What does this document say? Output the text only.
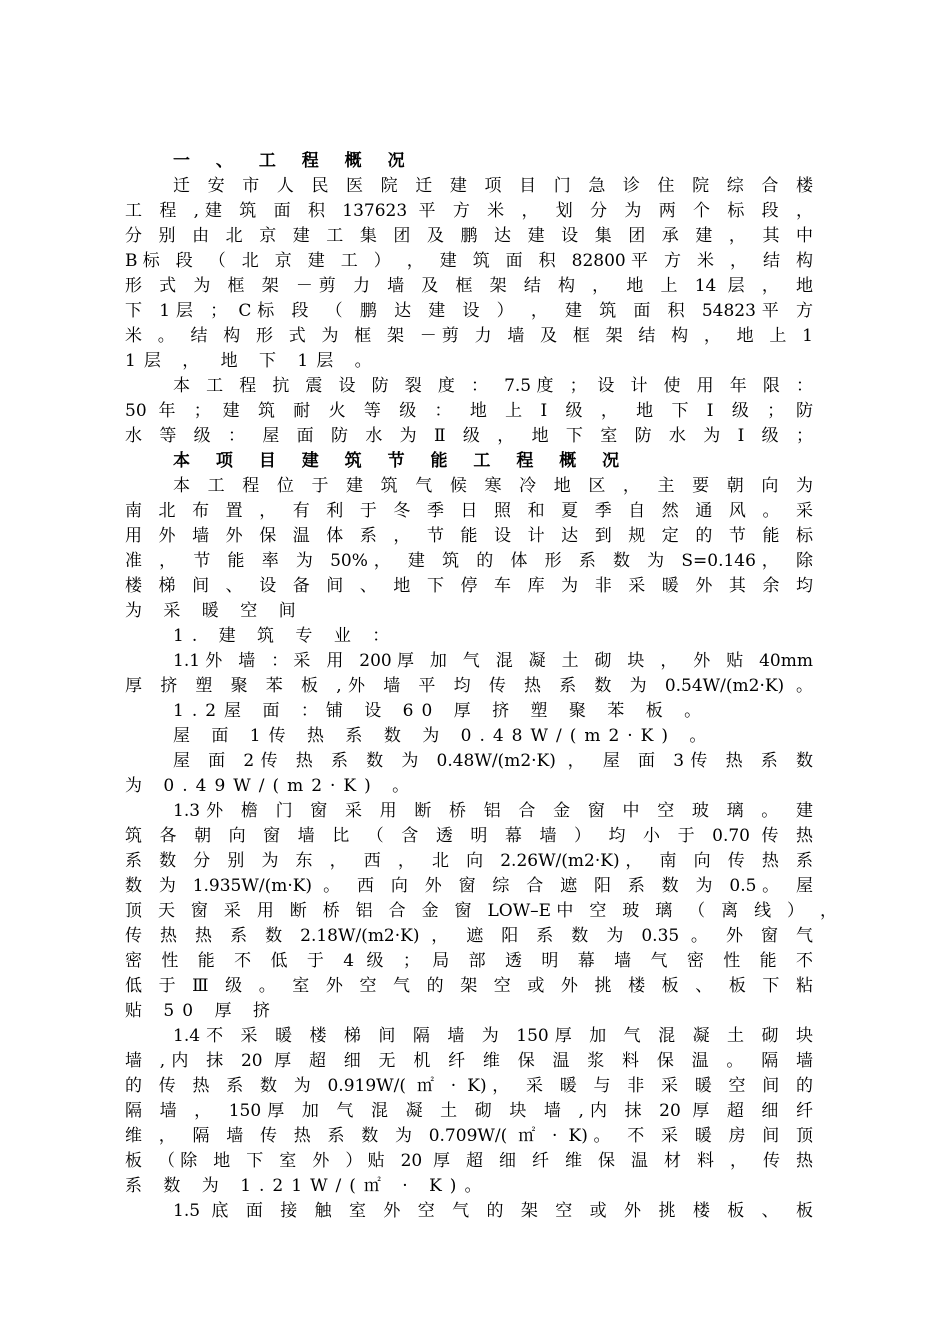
一 、 工 程 概 况
迁 安 市 人 民 医 院 迁 建 项 目 门 急 诊 住 院 综 合 楼
工 程 ,建 筑 面 积 137623 平 方 米 ， 划 分 为 两 个 标 段 ，
分 别 由 北 京 建 工 集 团 及 鹏 达 建 设 集 团 承 建 ， 其 中
B标 段 （ 北 京 建 工 ） ， 建 筑 面 积 82800平 方 米 ， 结 构
形 式 为 框 架 －剪 力 墙 及 框 架 结 构 ， 地 上 14 层 ， 地
下 1层 ； C标 段 （ 鹏 达 建 设 ） ， 建 筑 面 积 54823平 方
米 。 结 构 形 式 为 框 架 －剪 力 墙 及 框 架 结 构 ， 地 上 1
1层 ， 地 下 1层 。
本 工 程 抗 震 设 防 裂 度 ： 7.5度 ； 设 计 使 用 年 限 ：
50 年 ； 建 筑 耐 火 等 级 ： 地 上 Ⅰ 级 ， 地 下 Ⅰ 级 ； 防
水 等 级 ： 屋 面 防 水 为 Ⅱ 级 ， 地 下 室 防 水 为 Ⅰ 级 ；
本 项 目 建 筑 节 能 工 程 概 况
本 工 程 位 于 建 筑 气 候 寒 冷 地 区 ， 主 要 朝 向 为
南 北 布 置 ， 有 利 于 冬 季 日 照 和 夏 季 自 然 通 风 。 采
用 外 墙 外 保 温 体 系 ， 节 能 设 计 达 到 规 定 的 节 能 标
准 ， 节 能 率 为 50%， 建 筑 的 体 形 系 数 为 S=0.146， 除
楼 梯 间 、 设 备 间 、 地 下 停 车 库 为 非 采 暖 外 其 余 均
为 采 暖 空 间
1. 建 筑 专 业 ：
1.1外 墙 ：采 用 200厚 加 气 混 凝 土 砌 块 ， 外 贴 40mm
厚 挤 塑 聚 苯 板 ,外 墙 平 均 传 热 系 数 为 0.54W/(m2·K) 。
1.2屋 面 ：铺 设 60 厚 挤 塑 聚 苯 板 。
屋 面 1传 热 系 数 为 0.48W/(m2·K) 。
屋 面 2传 热 系 数 为 0.48W/(m2·K) ， 屋 面 3传 热 系 数
为 0.49W/(m2·K) 。
1.3外 檐 门 窗 采 用 断 桥 铝 合 金 窗 中 空 玻 璃 。 建
筑 各 朝 向 窗 墙 比 （ 含 透 明 幕 墙 ） 均 小 于 0.70 传 热
系 数 分 别 为 东 ， 西 ， 北 向 2.26W/(m2·K)， 南 向 传 热 系
数 为 1.935W/(m·K) 。 西 向 外 窗 综 合 遮 阳 系 数 为 0.5。 屋
顶 天 窗 采 用 断 桥 铝 合 金 窗 LOW–E中 空 玻 璃 （ 离 线 ） ，
传 热 热 系 数 2.18W/(m2·K) ， 遮 阳 系 数 为 0.35 。 外 窗 气
密 性 能 不 低 于 4 级 ； 局 部 透 明 幕 墙 气 密 性 能 不
低 于 Ⅲ 级 。 室 外 空 气 的 架 空 或 外 挑 楼 板 、 板 下 粘
贴 50 厚 挤
1.4不 采 暖 楼 梯 间 隔 墙 为 150厚 加 气 混 凝 土 砌 块
墙 ,内 抹 20 厚 超 细 无 机 纤 维 保 温 浆 料 保 温 。 隔 墙
的 传 热 系 数 为 0.919W/( ㎡ · K)， 采 暖 与 非 采 暖 空 间 的
隔 墙 ， 150厚 加 气 混 凝 土 砌 块 墙 ,内 抹 20 厚 超 细 纤
维 ， 隔 墙 传 热 系 数 为 0.709W/( ㎡ · K)。 不 采 暖 房 间 顶
板 （除 地 下 室 外 ）贴 20 厚 超 细 纤 维 保 温 材 料 ， 传 热
系 数 为 1.21W/(㎡ · K)。
1.5 底 面 接 触 室 外 空 气 的 架 空 或 外 挑 楼 板 、 板
